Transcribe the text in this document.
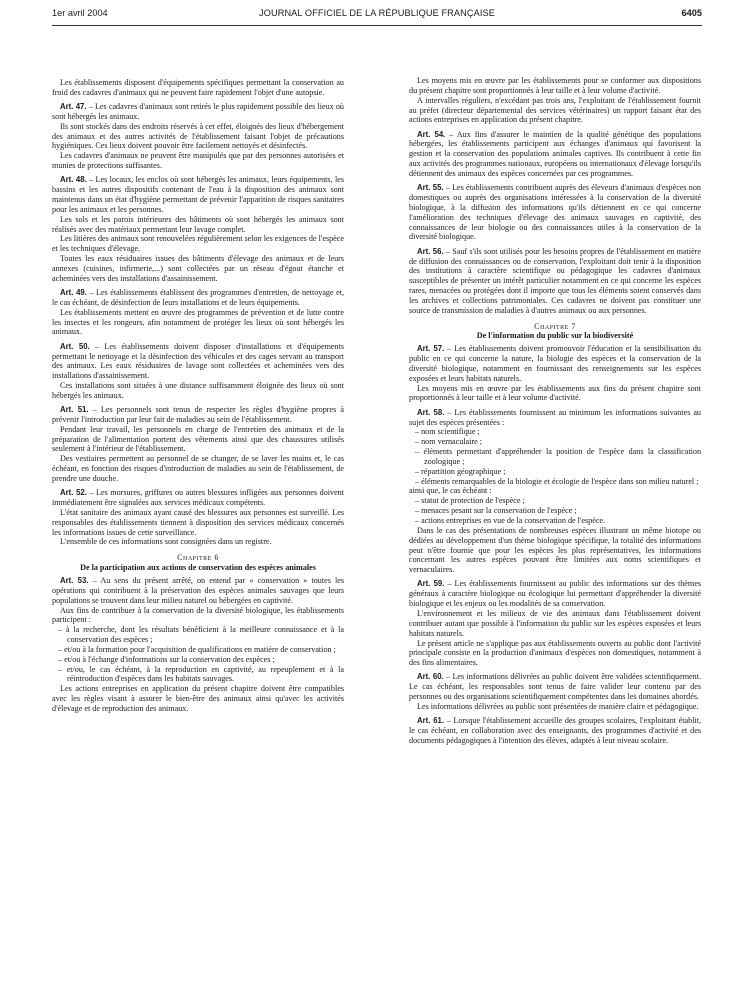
1er avril 2004	JOURNAL OFFICIEL DE LA RÉPUBLIQUE FRANÇAISE	6405

Les établissements disposent d'équipements spécifiques permettant la conservation au froid des cadavres d'animaux qui ne peuvent faire rapidement l'objet d'une autopsie.

Art. 47. – Les cadavres d'animaux sont retirés le plus rapidement possible des lieux où sont hébergés les animaux.

Ils sont stockés dans des endroits réservés à cet effet, éloignés des lieux d'hébergement des animaux et des autres activités de l'établissement faisant l'objet de précautions hygiéniques. Ces lieux doivent pouvoir être facilement nettoyés et désinfectés.

Les cadavres d'animaux ne peuvent être manipulés que par des personnes autorisées et munies de protections suffisantes.

Art. 48. – Les locaux, les enclos où sont hébergés les animaux, leurs équipements, les bassins et les autres dispositifs contenant de l'eau à la disposition des animaux sont maintenus dans un état d'hygiène permettant de prévenir l'apparition de risques sanitaires pour les animaux et les personnes.

Les sols et les parois intérieures des bâtiments où sont hébergés les animaux sont réalisés avec des matériaux permettant leur lavage complet.

Les litières des animaux sont renouvelées régulièrement selon les exigences de l'espèce et les techniques d'élevage.

Toutes les eaux résiduaires issues des bâtiments d'élevage des animaux et de leurs annexes (cuisines, infirmerie,...) sont collectées par un réseau d'égout étanche et acheminées vers des installations d'assainissement.

Art. 49. – Les établissements établissent des programmes d'entretien, de nettoyage et, le cas échéant, de désinfection de leurs installations et de leurs équipements.

Les établissements mettent en œuvre des programmes de prévention et de lutte contre les insectes et les rongeurs, afin notamment de protéger les lieux où sont hébergés les animaux.

Art. 50. – Les établissements doivent disposer d'installations et d'équipements permettant le nettoyage et la désinfection des véhicules et des cages servant au transport des animaux. Les eaux résiduaires de lavage sont collectées et acheminées vers des installations d'assainissement.

Ces installations sont situées à une distance suffisamment éloignée des lieux où sont hébergés les animaux.

Art. 51. – Les personnels sont tenus de respecter les règles d'hygiène propres à prévenir l'introduction par leur fait de maladies au sein de l'établissement.

Pendant leur travail, les personnels en charge de l'entretien des animaux et de la préparation de l'alimentation portent des vêtements ainsi que des chaussures utilisés seulement à l'intérieur de l'établissement.

Des vestiaires permettent au personnel de se changer, de se laver les mains et, le cas échéant, en fonction des risques d'introduction de maladies au sein de l'établissement, de prendre une douche.

Art. 52. – Les morsures, griffures ou autres blessures infligées aux personnes doivent immédiatement être signalées aux services médicaux compétents.

L'état sanitaire des animaux ayant causé des blessures aux personnes est surveillé. Les responsables des établissements tiennent à disposition des services médicaux concernés les informations issues de cette surveillance.

L'ensemble de ces informations sont consignées dans un registre.

Chapitre 6

De la participation aux actions de conservation des espèces animales

Art. 53. – Au sens du présent arrêté, on entend par « conservation » toutes les opérations qui contribuent à la préservation des espèces animales sauvages que leurs populations se trouvent dans leur milieu naturel ou hébergées en captivité.

Aux fins de contribuer à la conservation de la diversité biologique, les établissements participent :

– à la recherche, dont les résultats bénéficient à la meilleure connaissance et à la conservation des espèces ;
– et/ou à la formation pour l'acquisition de qualifications en matière de conservation ;
– et/ou à l'échange d'informations sur la conservation des espèces ;
– et/ou, le cas échéant, à la reproduction en captivité, au repeuplement et à la réintroduction d'espèces dans les habitats sauvages.

Les actions entreprises en application du présent chapitre doivent être compatibles avec les règles visant à assurer le bien-être des animaux ainsi qu'avec les activités d'élevage et de reproduction des animaux.

Les moyens mis en œuvre par les établissements pour se conformer aux dispositions du présent chapitre sont proportionnés à leur taille et à leur volume d'activité.

A intervalles réguliers, n'excédant pas trois ans, l'exploitant de l'établissement fournit au préfet (directeur départemental des services vétérinaires) un rapport faisant état des actions entreprises en application du présent chapitre.

Art. 54. – Aux fins d'assurer le maintien de la qualité génétique des populations hébergées, les établissements participent aux échanges d'animaux qui favorisent la gestion et la conservation des populations animales captives. Ils contribuent à cette fin aux activités des programmes nationaux, européens ou internationaux d'élevage lorsqu'ils détiennent des animaux des espèces concernées par ces programmes.

Art. 55. – Les établissements contribuent auprès des éleveurs d'animaux d'espèces non domestiques ou auprès des organisations intéressées à la conservation de la diversité biologique, à la diffusion des informations qu'ils détiennent en ce qui concerne l'amélioration des techniques d'élevage des animaux sauvages en captivité, des connaissances de leur biologie ou des connaissances utiles à la conservation de la diversité biologique.

Art. 56. – Sauf s'ils sont utilisés pour les besoins propres de l'établissement en matière de diffusion des connaissances ou de conservation, l'exploitant doit tenir à la disposition des institutions à caractère scientifique ou pédagogique les cadavres d'animaux susceptibles de présenter un intérêt particulier notamment en ce qui concerne les espèces rares, menacées ou protégées dont il importe que tous les éléments soient conservés dans les archives et collections patrimoniales. Ces cadavres ne doivent pas constituer une source de transmission de maladies à d'autres animaux ou aux personnes.

Chapitre 7

De l'information du public sur la biodiversité

Art. 57. – Les établissements doivent promouvoir l'éducation et la sensibilisation du public en ce qui concerne la nature, la biologie des espèces et la conservation de la diversité biologique, notamment en fournissant des renseignements sur les espèces exposées et leurs habitats naturels.

Les moyens mis en œuvre par les établissements aux fins du présent chapitre sont proportionnés à leur taille et à leur volume d'activité.

Art. 58. – Les établissements fournissent au minimum les informations suivantes au sujet des espèces présentées :

– nom scientifique ;
– nom vernaculaire ;
– éléments permettant d'appréhender la position de l'espèce dans la classification zoologique ;
– répartition géographique ;
– éléments remarquables de la biologie et écologie de l'espèce dans son milieu naturel ;

ainsi que, le cas échéant :

– statut de protection de l'espèce ;
– menaces pesant sur la conservation de l'espèce ;
– actions entreprises en vue de la conservation de l'espèce.

Dans le cas des présentations de nombreuses espèces illustrant un même biotope ou dédiées au développement d'un thème biologique spécifique, la totalité des informations peut n'être fournie que pour les espèces les plus représentatives, les informations concernant les autres espèces pouvant être limitées aux noms scientifiques et vernaculaires.

Art. 59. – Les établissements fournissent au public des informations sur des thèmes généraux à caractère biologique ou écologique lui permettant d'appréhender la diversité biologique et les enjeux ou les modalités de sa conservation.

L'environnement et les milieux de vie des animaux dans l'établissement doivent contribuer autant que possible à l'information du public sur les espèces exposées et leurs habitats naturels.

Le présent article ne s'applique pas aux établissements ouverts au public dont l'activité principale consiste en la production d'animaux d'espèces non domestiques, notamment à des fins alimentaires.

Art. 60. – Les informations délivrées au public doivent être validées scientifiquement. Le cas échéant, les responsables sont tenus de faire valider leur contenu par des personnes ou des organisations scientifiquement compétentes dans les domaines abordés.

Les informations délivrées au public sont présentées de manière claire et pédagogique.

Art. 61. – Lorsque l'établissement accueille des groupes scolaires, l'exploitant établit, le cas échéant, en collaboration avec des enseignants, des programmes d'activité et des documents pédagogiques à l'intention des élèves, adaptés à leur niveau scolaire.
